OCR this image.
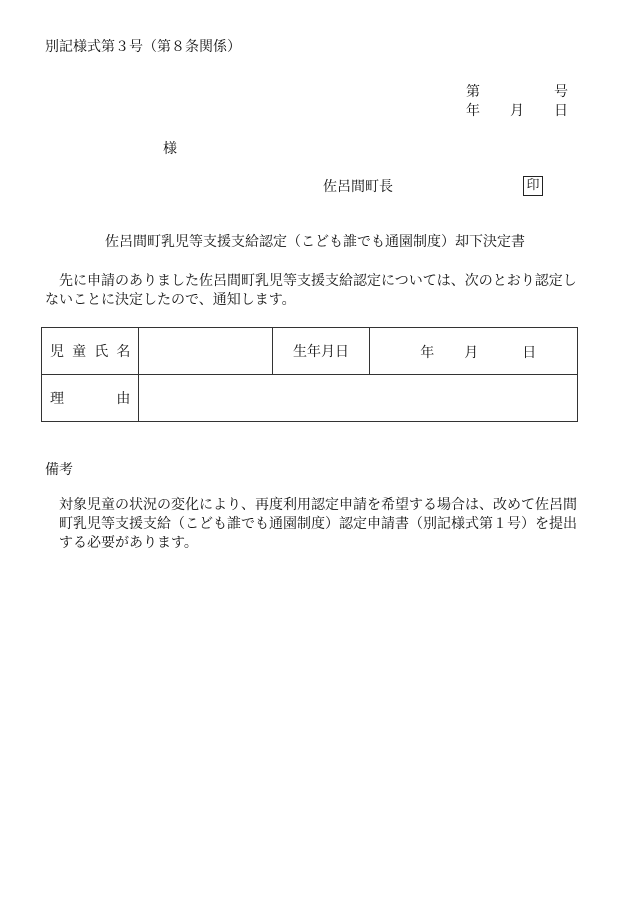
別記様式第３号（第８条関係）
第	号
年 月 日
様
佐呂間町長	印
佐呂間町乳児等支援支給認定（こども誰でも通園制度）却下決定書
先に申請のありました佐呂間町乳児等支援支給認定については、次のとおり認定しないことに決定したので、通知します。
児 童 氏 名		生年月日	年 月 日

理 由			

備考
対象児童の状況の変化により、再度利用認定申請を希望する場合は、改めて佐呂間町乳児等支援支給（こども誰でも通園制度）認定申請書（別記様式第１号）を提出する必要があります。
